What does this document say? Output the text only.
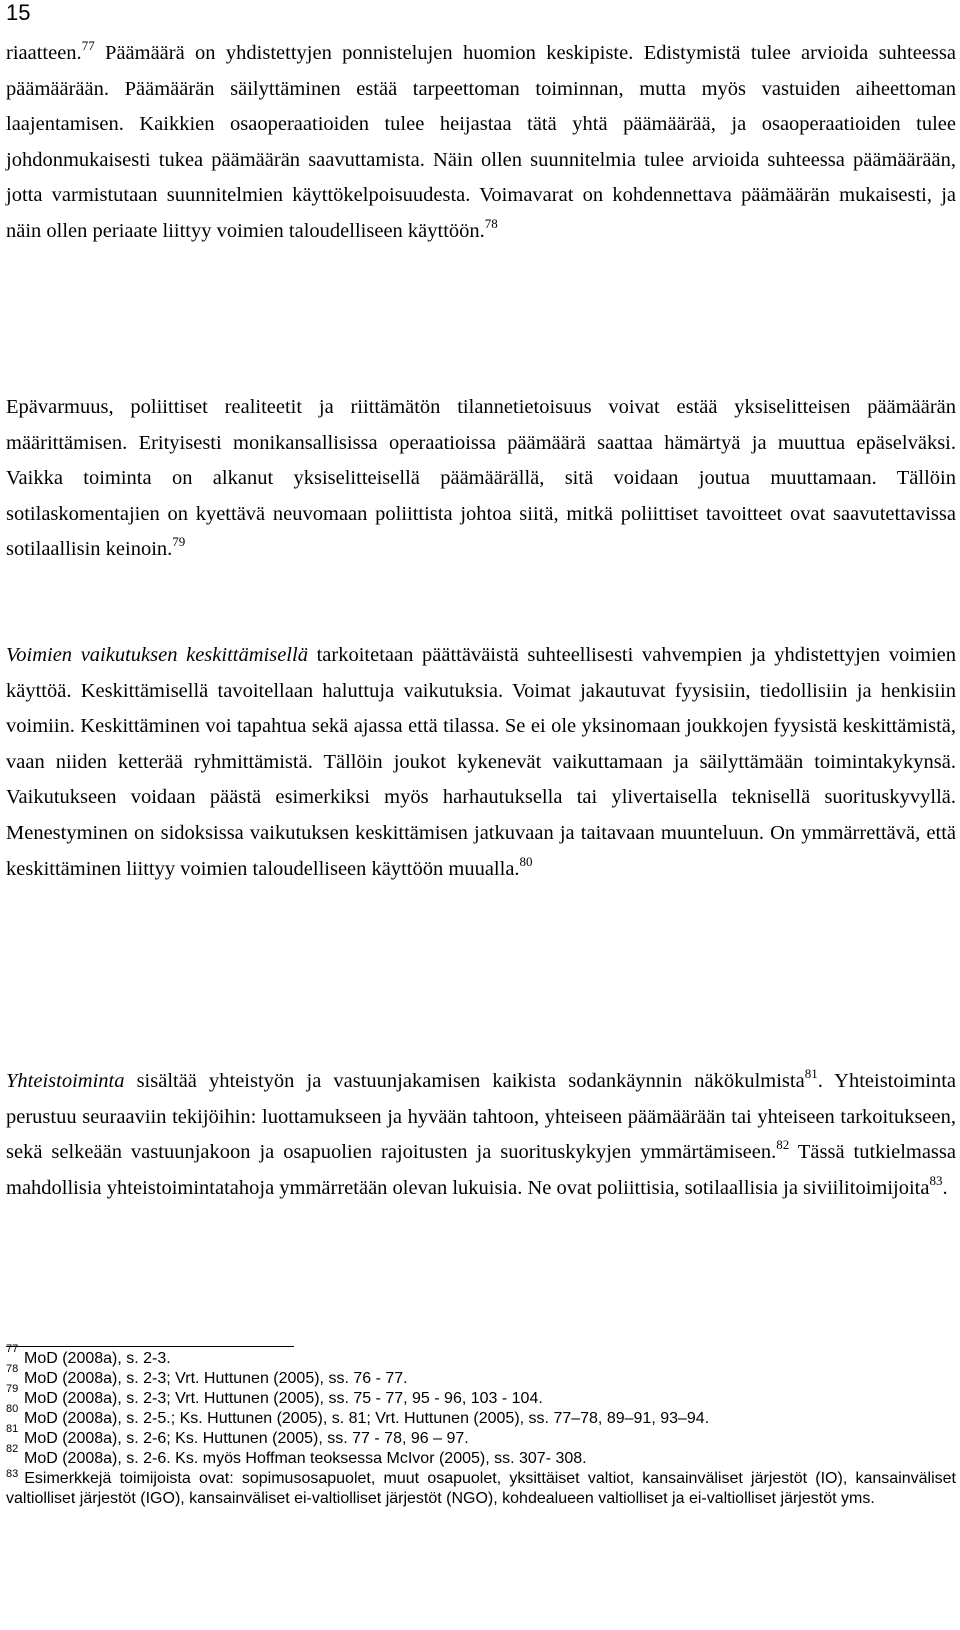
15

riaatteen.$^{77}$ Päämäärä on yhdistettyjen ponnistelujen huomion keskipiste. Edistymistä tulee arvioida suhteessa päämäärään. Päämäärän säilyttäminen estää tarpeettoman toiminnan, mutta myös vastuiden aiheettoman laajentamisen. Kaikkien osaoperaatioiden tulee heijastaa tätä yhtä päämäärää, ja osaoperaatioiden tulee johdonmukaisesti tukea päämäärän saavuttamista. Näin ollen suunnitelmia tulee arvioida suhteessa päämäärään, jotta varmistutaan suunnitelmien käyttökelpoisuudesta. Voimavarat on kohdennettava päämäärän mukaisesti, ja näin ollen periaate liittyy voimien taloudelliseen käyttöön.$^{78}$

Epävarmuus, poliittiset realiteetit ja riittämätön tilannetietoisuus voivat estää yksiselitteisen päämäärän määrittämisen. Erityisesti monikansallisissa operaatioissa päämäärä saattaa hämärtyä ja muuttua epäselväksi. Vaikka toiminta on alkanut yksiselitteisellä päämäärällä, sitä voidaan joutua muuttamaan. Tällöin sotilaskomentajien on kyettävä neuvomaan poliittista johtoa siitä, mitkä poliittiset tavoitteet ovat saavutettavissa sotilaallisin keinoin.$^{79}$

Voimien vaikutuksen keskittämisellä tarkoitetaan päättäväistä suhteellisesti vahvempien ja yhdistettyjen voimien käyttöä. Keskittämisellä tavoitellaan haluttuja vaikutuksia. Voimat jakautuvat fyysisiin, tiedollisiin ja henkisiin voimiin. Keskittäminen voi tapahtua sekä ajassa että tilassa. Se ei ole yksinomaan joukkojen fyysistä keskittämistä, vaan niiden ketterää ryhmittämistä. Tällöin joukot kykenevät vaikuttamaan ja säilyttämään toimintakykynsä. Vaikutukseen voidaan päästä esimerkiksi myös harhautuksella tai ylivertaisella teknisellä suorituskyvyllä. Menestyminen on sidoksissa vaikutuksen keskittämisen jatkuvaan ja taitavaan muunteluun. On ymmärrettävä, että keskittäminen liittyy voimien taloudelliseen käyttöön muualla.$^{80}$

Yhteistoiminta sisältää yhteistyön ja vastuunjakamisen kaikista sodankäynnin näkökulmista$^{81}$. Yhteistoiminta perustuu seuraaviin tekijöihin: luottamukseen ja hyvään tahtoon, yhteiseen päämäärään tai yhteiseen tarkoitukseen, sekä selkeään vastuunjakoon ja osapuolien rajoitusten ja suorituskykyjen ymmärtämiseen.$^{82}$ Tässä tutkielmassa mahdollisia yhteistoimintatahoja ymmärretään olevan lukuisia. Ne ovat poliittisia, sotilaallisia ja siviilitoimijoita$^{83}$.

77
MoD (2008a), s. 2-3.
78
MoD (2008a), s. 2-3; Vrt. Huttunen (2005), ss. 76 - 77.
79
MoD (2008a), s. 2-3; Vrt. Huttunen (2005), ss. 75 - 77, 95 - 96, 103 - 104.
80
MoD (2008a), s. 2-5.; Ks. Huttunen (2005), s. 81; Vrt. Huttunen (2005), ss. 77–78, 89–91, 93–94.
81
MoD (2008a), s. 2-6; Ks. Huttunen (2005), ss. 77 - 78, 96 – 97.
82
MoD (2008a), s. 2-6. Ks. myös Hoffman teoksessa McIvor (2005), ss. 307- 308.
$^{83}$ Esimerkkejä toimijoista ovat: sopimusosapuolet, muut osapuolet, yksittäiset valtiot, kansainväliset järjestöt (IO), kansainväliset valtiolliset järjestöt (IGO), kansainväliset ei-valtiolliset järjestöt (NGO), kohdealueen valtiolliset ja ei-valtiolliset järjestöt yms.
